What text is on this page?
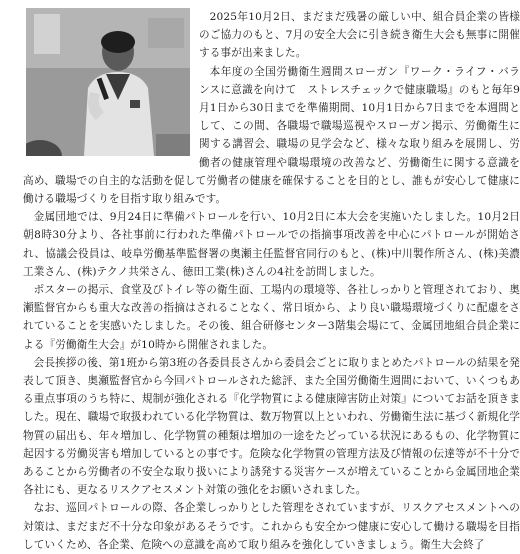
2025年10月2日、まだまだ残暑の厳しい中、組合員企業の皆様のご協力のもと、7月の安全大会に引き続き衛生大会も無事に開催する事が出来ました。

本年度の全国労働衛生週間スローガン『ワーク・ライフ・バランスに意識を向けて　ストレスチェックで健康職場』のもと毎年9月1日から30日までを準備期間、10月1日から7日までを本週間として、この間、各職場で職場巡視やスローガン掲示、労働衛生に関する講習会、職場の見学会など、様々な取り組みを展開し、労働者の健康管理や職場環境の改善など、労働衛生に関する意識を高め、職場での自主的な活動を促して労働者の健康を確保することを目的とし、誰もが安心して健康に働ける職場づくりを目指す取り組みです。

金属団地では、9月24日に準備パトロールを行い、10月2日に本大会を実施いたしました。10月2日朝8時30分より、各社事前に行われた準備パトロールでの指摘事項改善を中心にパトロールが開始され、協議会役員は、岐阜労働基準監督署の奥瀬主任監督官同行のもと、(株)中川製作所さん、(株)美濃工業さん、(株)テクノ共栄さん、徳田工業(株)さんの4社を訪問しました。

ポスターの掲示、食堂及びトイレ等の衛生面、工場内の環境等、各社しっかりと管理されており、奥瀬監督官からも重大な改善の指摘はされることなく、常日頃から、より良い職場環境づくりに配慮をされていることを実感いたしました。その後、組合研修センター3階集会場にて、金属団地組合員企業による『労働衛生大会』が10時から開催されました。

会長挨拶の後、第1班から第3班の各委員長さんから委員会ごとに取りまとめたパトロールの結果を発表して頂き、奥瀬監督官から今回パトロールされた総評、また全国労働衛生週間において、いくつもある重点事項のうち特に、規制が強化される『化学物質による健康障害防止対策』についてお話を頂きました。現在、職場で取扱われている化学物質は、数万物質以上といわれ、労働衛生法に基づく新規化学物質の届出も、年々増加し、化学物質の種類は増加の一途をたどっている状況にあるもの、化学物質に起因する労働災害も増加しているとの事です。危険な化学物質の管理方法及び情報の伝達等が不十分であることから労働者の不安全な取り扱いにより誘発する災害ケースが増えていることから金属団地企業各社にも、更なるリスクアセスメント対策の強化をお願いされました。

なお、巡回パトロールの際、各企業しっかりとした管理をされていますが、リスクアセスメントへの対策は、まだまだ不十分な印象があるそうです。これからも安全かつ健康に安心して働ける職場を目指していくため、各企業、危険への意識を高めて取り組みを強化していきましょう。衛生大会終了
